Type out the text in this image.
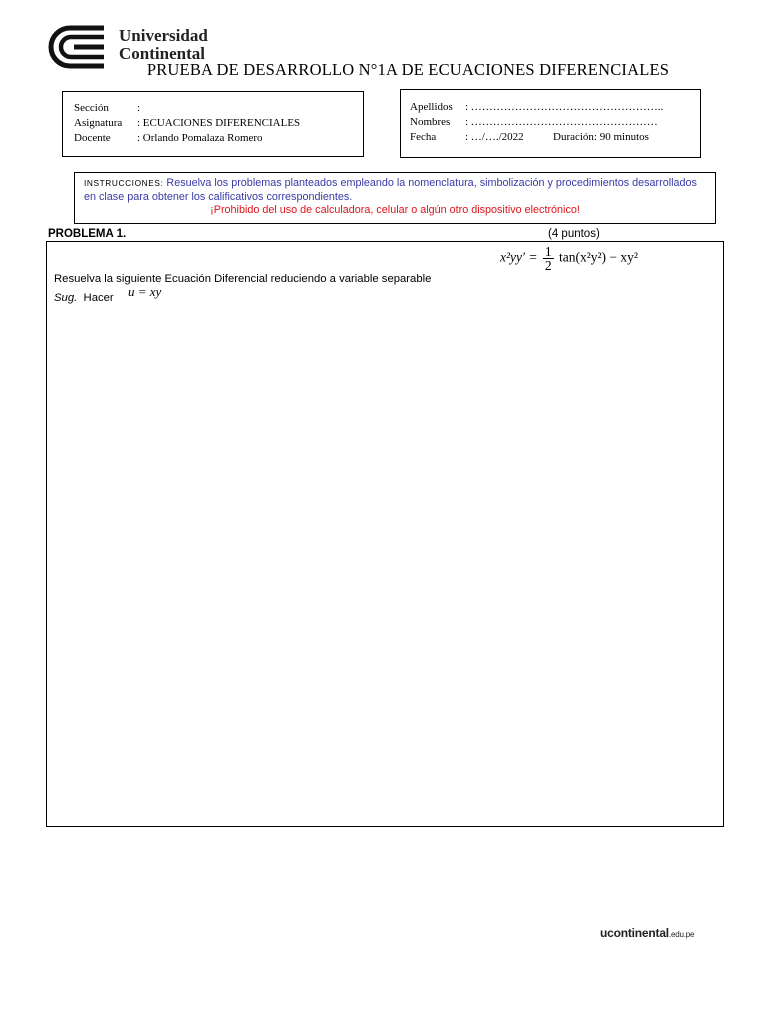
Universidad
Continental
PRUEBA DE DESARROLLO N°1A DE ECUACIONES DIFERENCIALES
Sección	:
Asignatura : ECUACIONES DIFERENCIALES
Docente : Orlando Pomalaza Romero
Apellidos : ……………………………………………..
Nombres : ……………………………………………
Fecha	: …/…./2022	Duración: 90 minutos
INSTRUCCIONES: Resuelva los problemas planteados empleando la nomenclatura, simbolización y procedimientos desarrollados en clase para obtener los calificativos correspondientes.
¡Prohibido del uso de calculadora, celular o algún otro dispositivo electrónico!
PROBLEMA 1.	(4 puntos)
$x^2yy' = \frac{1}{2} \tan(x^2y^2) - xy^2$
Resuelva la siguiente Ecuación Diferencial reduciendo a variable separable
Sug. Hacer u = xy
ucontinental.edu.pe
